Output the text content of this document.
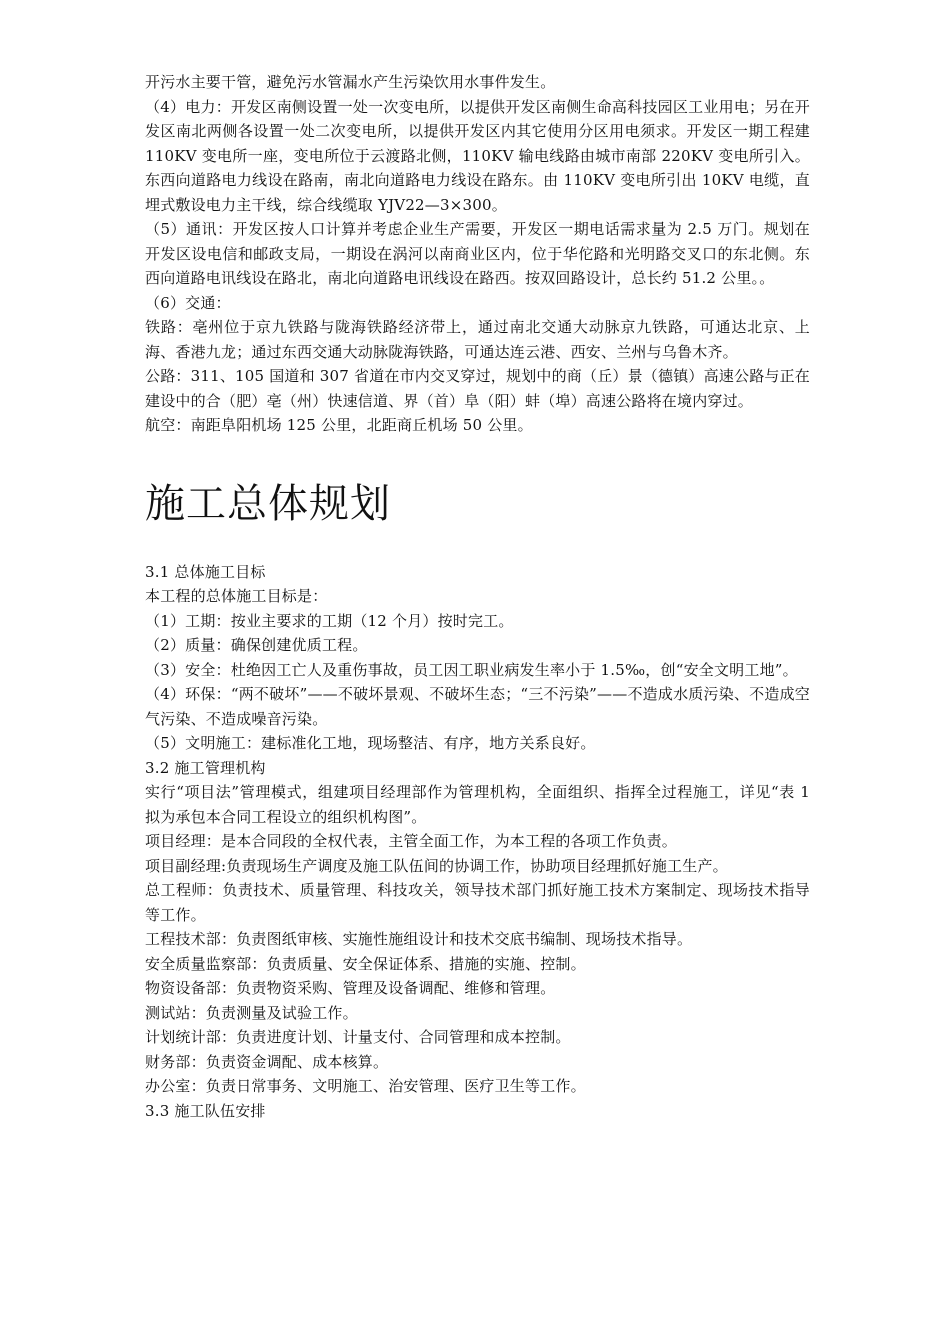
开污水主要干管，避免污水管漏水产生污染饮用水事件发生。

（4）电力：开发区南侧设置一处一次变电所，以提供开发区南侧生命高科技园区工业用电；另在开发区南北两侧各设置一处二次变电所，以提供开发区内其它使用分区用电须求。开发区一期工程建 110KV 变电所一座，变电所位于云渡路北侧，110KV 输电线路由城市南部 220KV 变电所引入。东西向道路电力线设在路南，南北向道路电力线设在路东。由 110KV 变电所引出 10KV 电缆，直埋式敷设电力主干线，综合线缆取 YJV22—3×300。

（5）通讯：开发区按人口计算并考虑企业生产需要，开发区一期电话需求量为 2.5 万门。规划在开发区设电信和邮政支局，一期设在涡河以南商业区内，位于华佗路和光明路交叉口的东北侧。东西向道路电讯线设在路北，南北向道路电讯线设在路西。按双回路设计，总长约 51.2 公里。。

（6）交通：

铁路：亳州位于京九铁路与陇海铁路经济带上，通过南北交通大动脉京九铁路，可通达北京、上海、香港九龙；通过东西交通大动脉陇海铁路，可通达连云港、西安、兰州与乌鲁木齐。

公路：311、105 国道和 307 省道在市内交叉穿过，规划中的商（丘）景（德镇）高速公路与正在建设中的合（肥）亳（州）快速信道、界（首）阜（阳）蚌（埠）高速公路将在境内穿过。

航空：南距阜阳机场 125 公里，北距商丘机场 50 公里。

施工总体规划

3.1 总体施工目标

本工程的总体施工目标是：

（1）工期：按业主要求的工期（12 个月）按时完工。

（2）质量：确保创建优质工程。

（3）安全：杜绝因工亡人及重伤事故，员工因工职业病发生率小于 1.5‰，创“安全文明工地”。

（4）环保：“两不破坏”——不破坏景观、不破坏生态；“三不污染”——不造成水质污染、不造成空气污染、不造成噪音污染。

（5）文明施工：建标准化工地，现场整洁、有序，地方关系良好。

3.2 施工管理机构

实行“项目法”管理模式，组建项目经理部作为管理机构，全面组织、指挥全过程施工，详见“表 1 拟为承包本合同工程设立的组织机构图”。

项目经理：是本合同段的全权代表，主管全面工作，为本工程的各项工作负责。

项目副经理:负责现场生产调度及施工队伍间的协调工作，协助项目经理抓好施工生产。

总工程师：负责技术、质量管理、科技攻关，领导技术部门抓好施工技术方案制定、现场技术指导等工作。

工程技术部：负责图纸审核、实施性施组设计和技术交底书编制、现场技术指导。

安全质量监察部：负责质量、安全保证体系、措施的实施、控制。

物资设备部：负责物资采购、管理及设备调配、维修和管理。

测试站：负责测量及试验工作。

计划统计部：负责进度计划、计量支付、合同管理和成本控制。

财务部：负责资金调配、成本核算。

办公室：负责日常事务、文明施工、治安管理、医疗卫生等工作。

3.3 施工队伍安排
